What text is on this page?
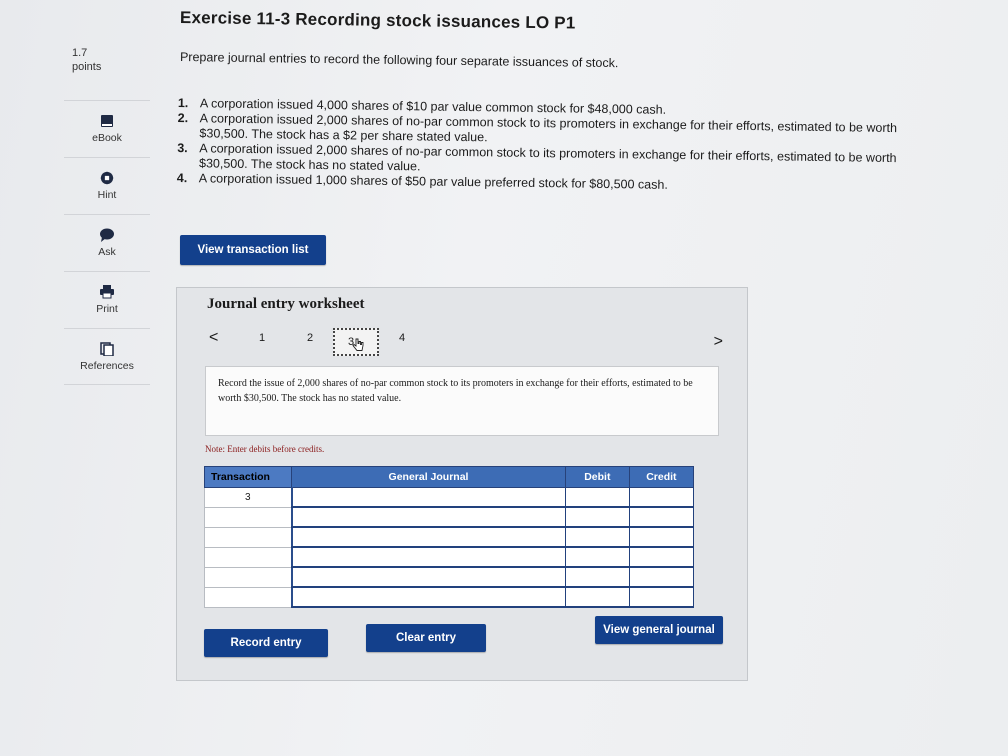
1.7
points
eBook
Hint
Ask
Print
References
Exercise 11-3 Recording stock issuances LO P1
Prepare journal entries to record the following four separate issuances of stock.
1. A corporation issued 4,000 shares of $10 par value common stock for $48,000 cash.
2. A corporation issued 2,000 shares of no-par common stock to its promoters in exchange for their efforts, estimated to be worth $30,500. The stock has a $2 per share stated value.
3. A corporation issued 2,000 shares of no-par common stock to its promoters in exchange for their efforts, estimated to be worth $30,500. The stock has no stated value.
4. A corporation issued 1,000 shares of $50 par value preferred stock for $80,500 cash.
View transaction list
Journal entry worksheet
<	1	2	3	4	>
Record the issue of 2,000 shares of no-par common stock to its promoters in exchange for their efforts, estimated to be worth $30,500. The stock has no stated value.
Note: Enter debits before credits.
Transaction	General Journal	Debit	Credit
3			

Record entry	Clear entry
View general journal
